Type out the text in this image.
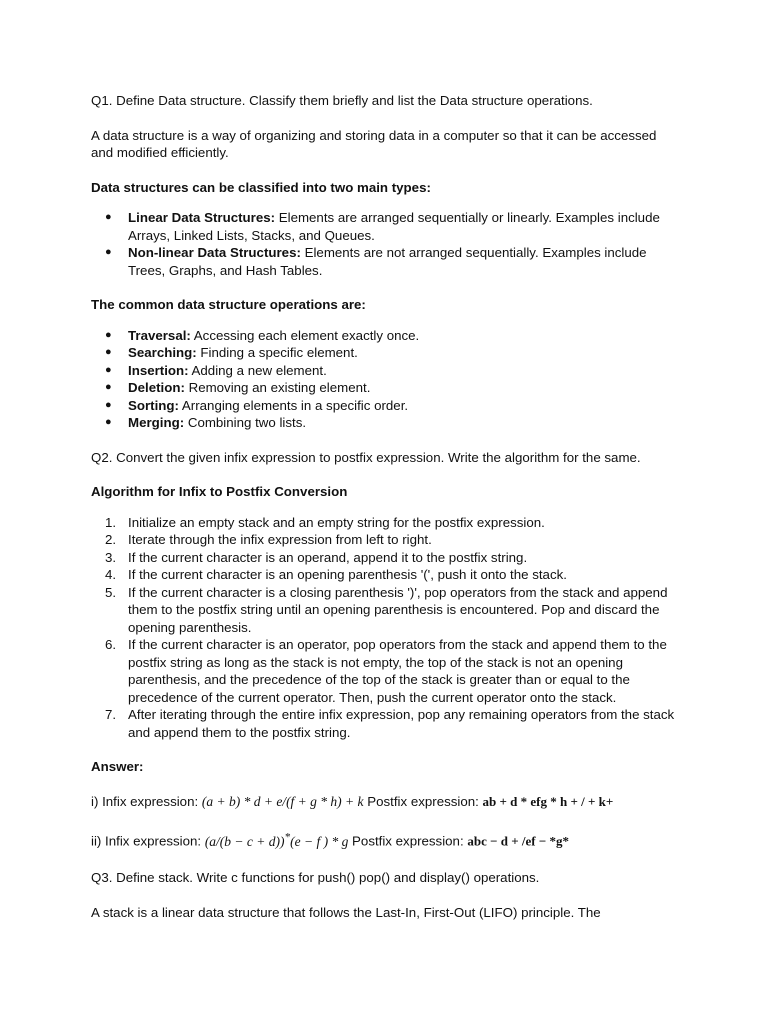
Q1. Define Data structure. Classify them briefly and list the Data structure operations.

A data structure is a way of organizing and storing data in a computer so that it can be accessed and modified efficiently.

Data structures can be classified into two main types:

● Linear Data Structures: Elements are arranged sequentially or linearly. Examples include Arrays, Linked Lists, Stacks, and Queues.
● Non-linear Data Structures: Elements are not arranged sequentially. Examples include Trees, Graphs, and Hash Tables.

The common data structure operations are:

● Traversal: Accessing each element exactly once.
● Searching: Finding a specific element.
● Insertion: Adding a new element.
● Deletion: Removing an existing element.
● Sorting: Arranging elements in a specific order.
● Merging: Combining two lists.

Q2. Convert the given infix expression to postfix expression. Write the algorithm for the same.

Algorithm for Infix to Postfix Conversion

1. Initialize an empty stack and an empty string for the postfix expression.
2. Iterate through the infix expression from left to right.
3. If the current character is an operand, append it to the postfix string.
4. If the current character is an opening parenthesis '(', push it onto the stack.
5. If the current character is a closing parenthesis ')', pop operators from the stack and append them to the postfix string until an opening parenthesis is encountered. Pop and discard the opening parenthesis.
6. If the current character is an operator, pop operators from the stack and append them to the postfix string as long as the stack is not empty, the top of the stack is not an opening parenthesis, and the precedence of the top of the stack is greater than or equal to the precedence of the current operator. Then, push the current operator onto the stack.
7. After iterating through the entire infix expression, pop any remaining operators from the stack and append them to the postfix string.

Answer:

i) Infix expression: (a + b) * d + e/(f + g * h) + k Postfix expression: ab + d * efg * h + / + k+

ii) Infix expression: (a/(b − c + d))*(e − f ) * g Postfix expression: abc − d + /ef − *g*

Q3. Define stack. Write c functions for push() pop() and display() operations.

A stack is a linear data structure that follows the Last-In, First-Out (LIFO) principle. The
